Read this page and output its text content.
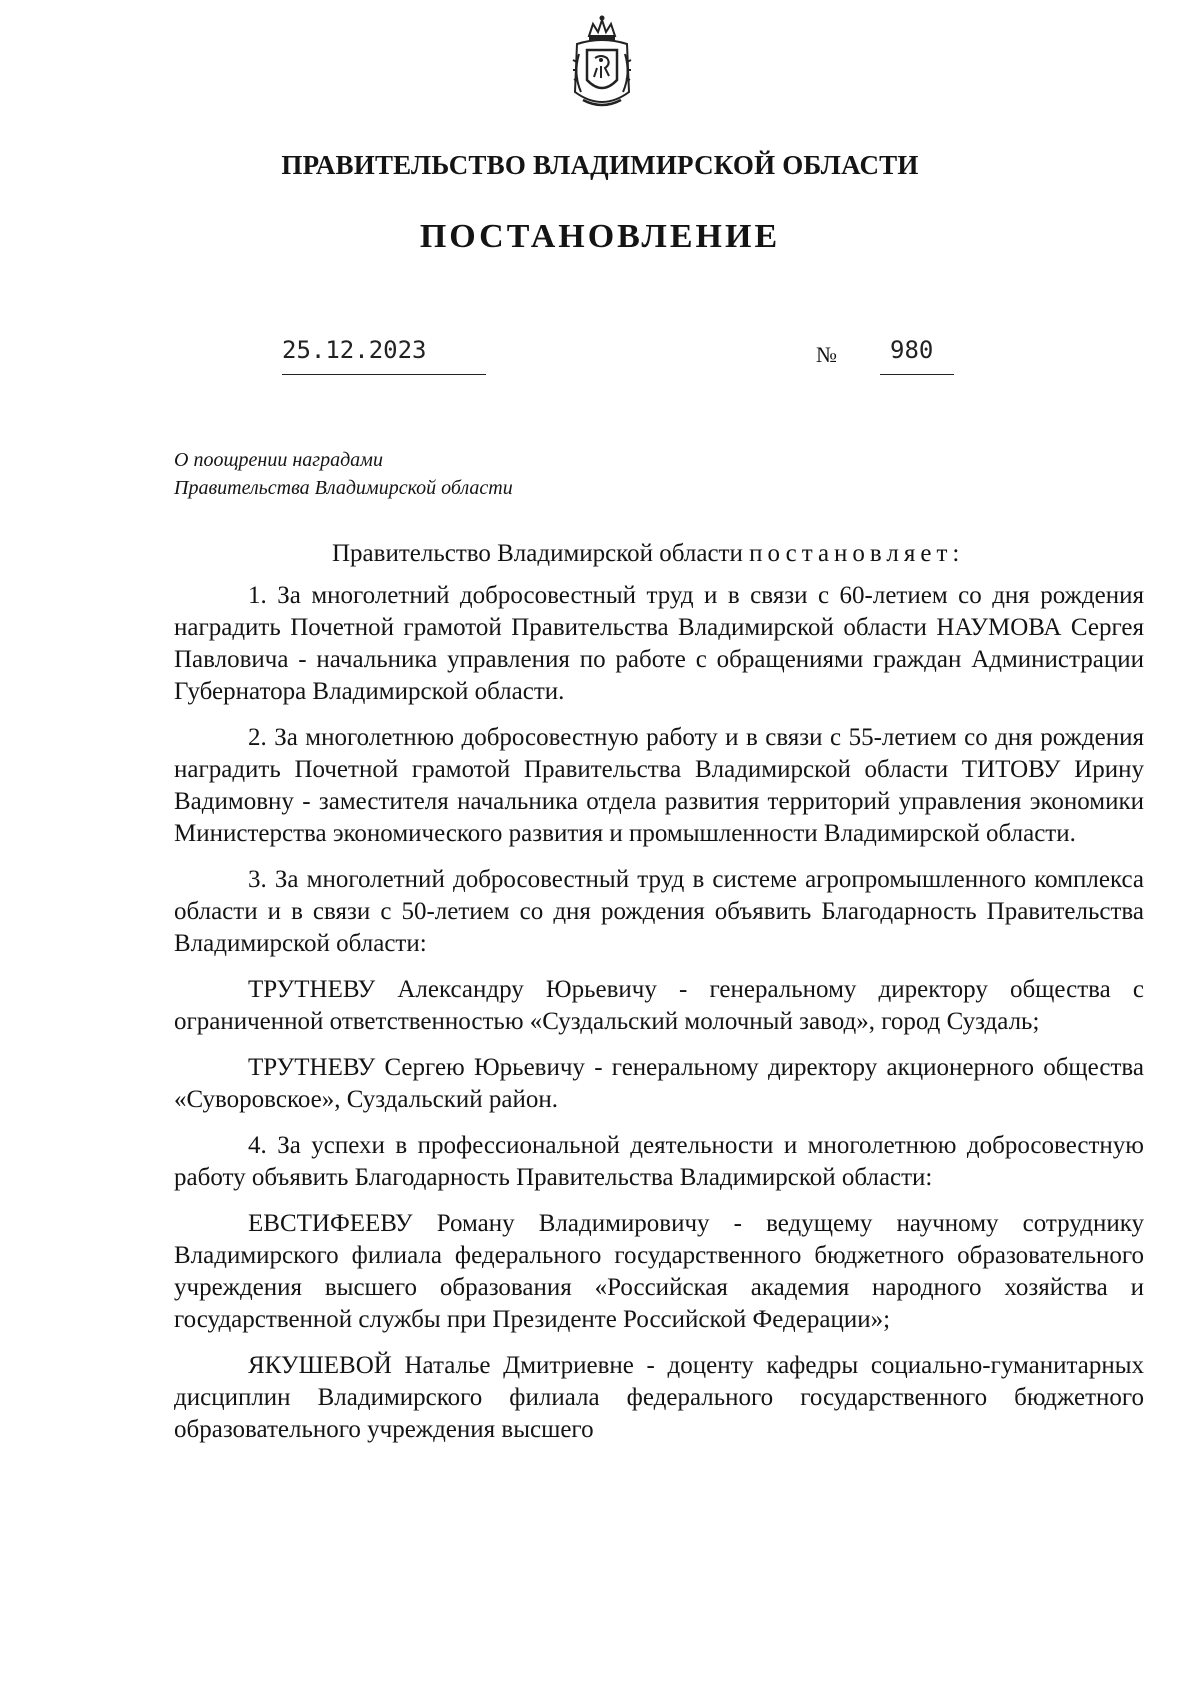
ПРАВИТЕЛЬСТВО ВЛАДИМИРСКОЙ ОБЛАСТИ
ПОСТАНОВЛЕНИЕ
25.12.2023	№ 980
О поощрении наградами
Правительства Владимирской области

Правительство Владимирской области постановляет:

1. За многолетний добросовестный труд и в связи с 60-летием со дня рождения наградить Почетной грамотой Правительства Владимирской области НАУМОВА Сергея Павловича - начальника управления по работе с обращениями граждан Администрации Губернатора Владимирской области.

2. За многолетнюю добросовестную работу и в связи с 55-летием со дня рождения наградить Почетной грамотой Правительства Владимирской области ТИТОВУ Ирину Вадимовну - заместителя начальника отдела развития территорий управления экономики Министерства экономического развития и промышленности Владимирской области.

3. За многолетний добросовестный труд в системе агропромышленного комплекса области и в связи с 50-летием со дня рождения объявить Благодарность Правительства Владимирской области:

ТРУТНЕВУ Александру Юрьевичу - генеральному директору общества с ограниченной ответственностью «Суздальский молочный завод», город Суздаль;

ТРУТНЕВУ Сергею Юрьевичу - генеральному директору акционерного общества «Суворовское», Суздальский район.

4. За успехи в профессиональной деятельности и многолетнюю добросовестную работу объявить Благодарность Правительства Владимирской области:

ЕВСТИФЕЕВУ Роману Владимировичу - ведущему научному сотруднику Владимирского филиала федерального государственного бюджетного образовательного учреждения высшего образования «Российская академия народного хозяйства и государственной службы при Президенте Российской Федерации»;

ЯКУШЕВОЙ Наталье Дмитриевне - доценту кафедры социально-гуманитарных дисциплин Владимирского филиала федерального государственного бюджетного образовательного учреждения высшего
